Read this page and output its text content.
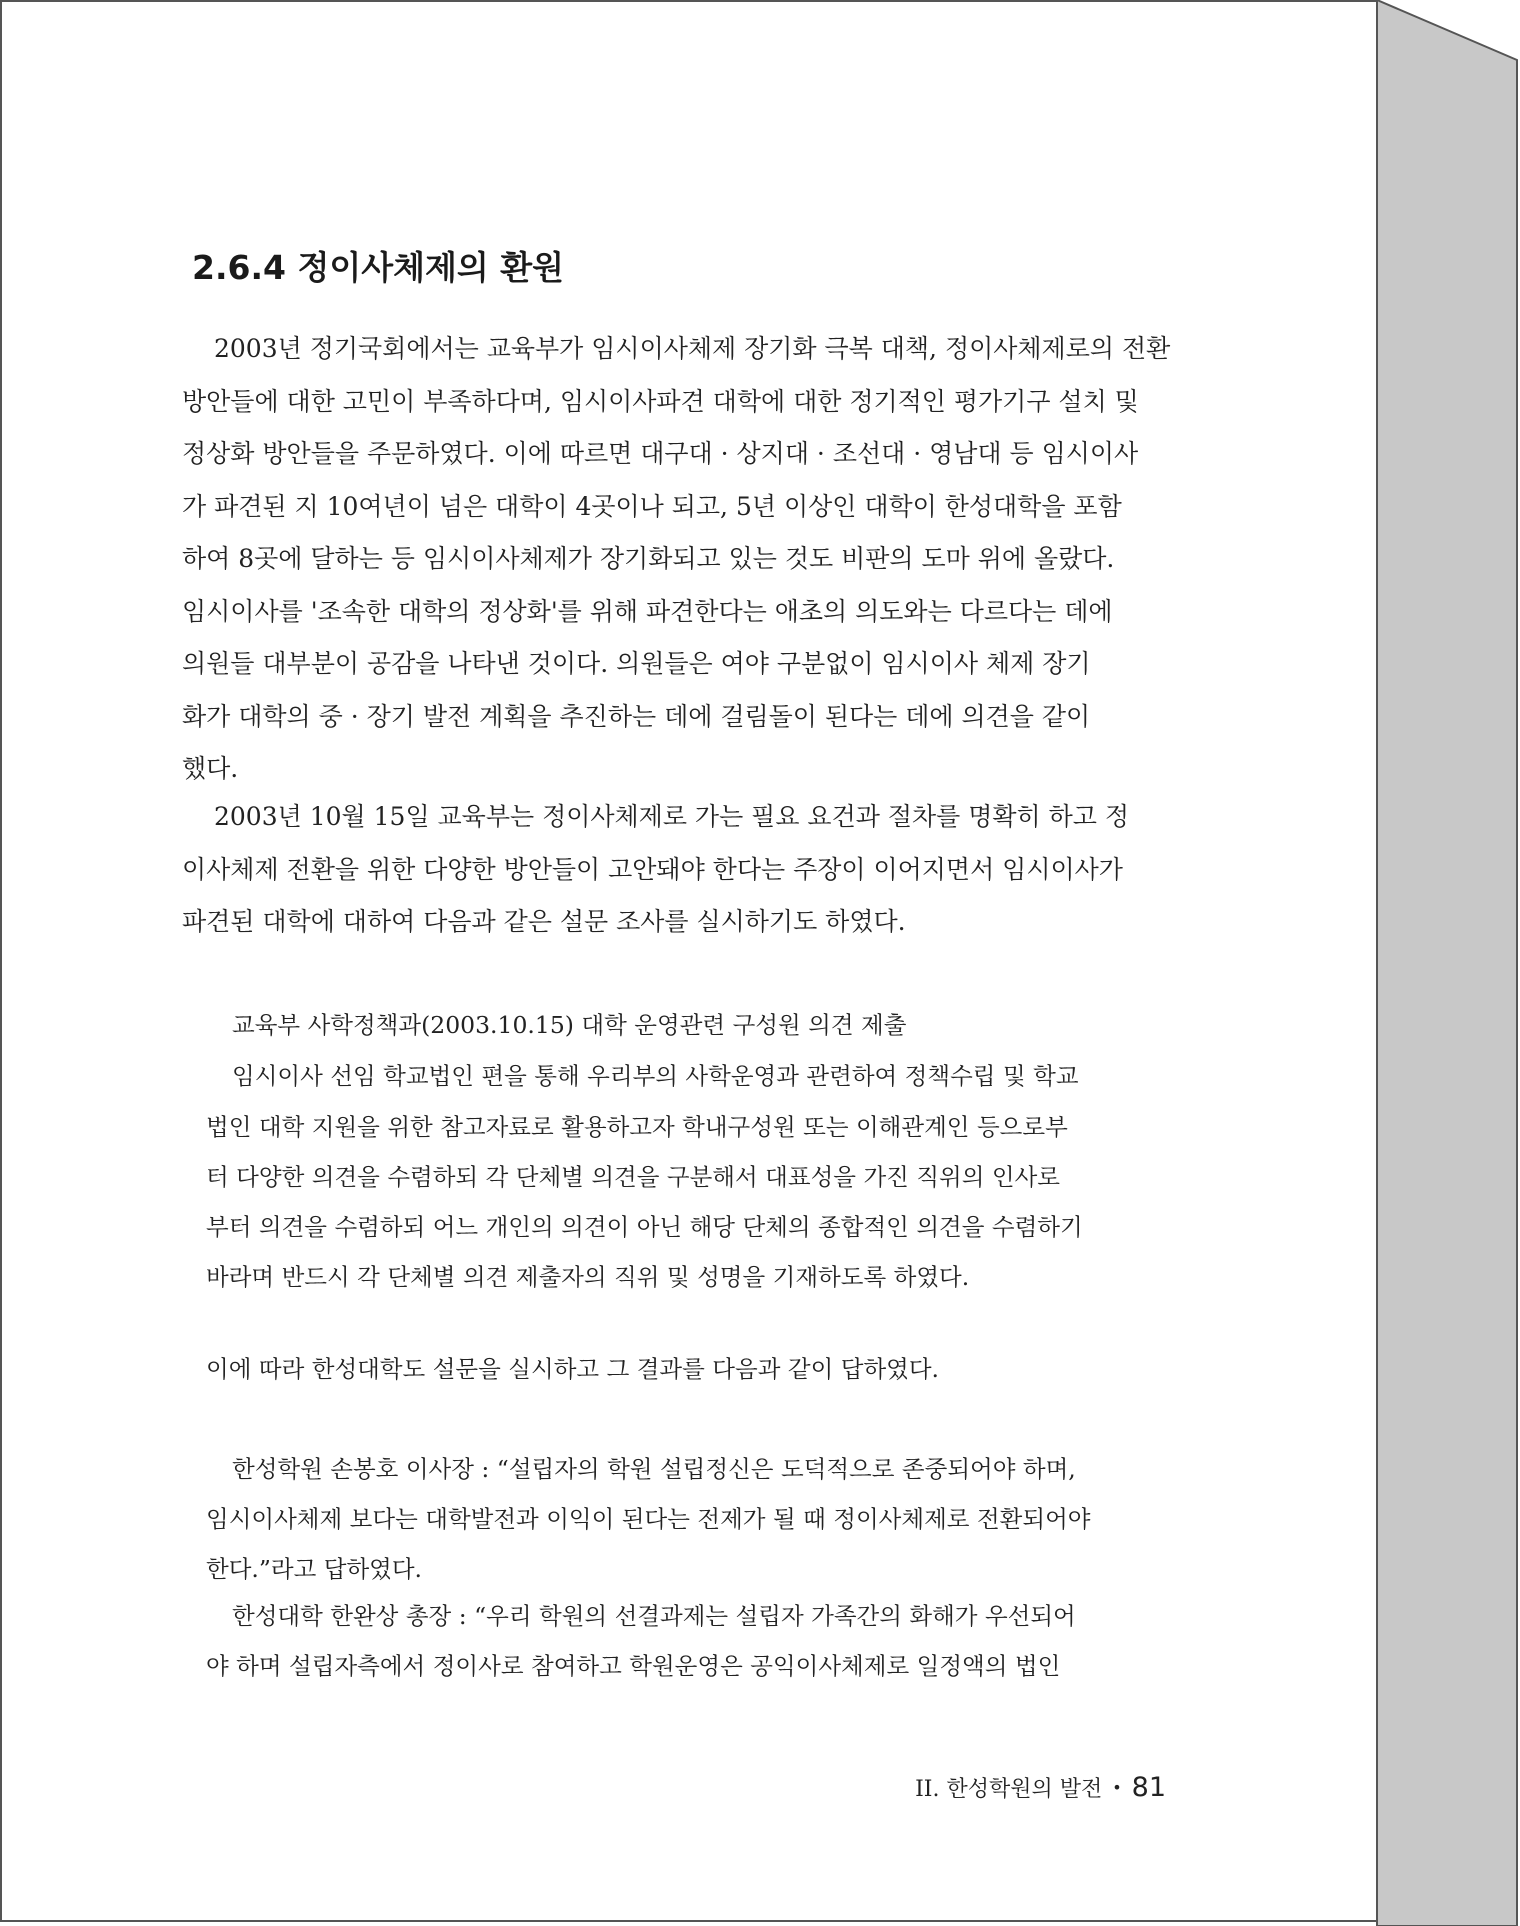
2.6.4 정이사체제의 환원
2003년 정기국회에서는 교육부가 임시이사체제 장기화 극복 대책, 정이사체제로의 전환
방안들에 대한 고민이 부족하다며, 임시이사파견 대학에 대한 정기적인 평가기구 설치 및
정상화 방안들을 주문하였다. 이에 따르면 대구대 · 상지대 · 조선대 · 영남대 등 임시이사
가 파견된 지 10여년이 넘은 대학이 4곳이나 되고, 5년 이상인 대학이 한성대학을 포함
하여 8곳에 달하는 등 임시이사체제가 장기화되고 있는 것도 비판의 도마 위에 올랐다.
임시이사를 '조속한 대학의 정상화'를 위해 파견한다는 애초의 의도와는 다르다는 데에
의원들 대부분이 공감을 나타낸 것이다. 의원들은 여야 구분없이 임시이사 체제 장기
화가 대학의 중 · 장기 발전 계획을 추진하는 데에 걸림돌이 된다는 데에 의견을 같이
했다.
2003년 10월 15일 교육부는 정이사체제로 가는 필요 요건과 절차를 명확히 하고 정
이사체제 전환을 위한 다양한 방안들이 고안돼야 한다는 주장이 이어지면서 임시이사가
파견된 대학에 대하여 다음과 같은 설문 조사를 실시하기도 하였다.
교육부 사학정책과(2003.10.15) 대학 운영관련 구성원 의견 제출
임시이사 선임 학교법인 편을 통해 우리부의 사학운영과 관련하여 정책수립 및 학교
법인 대학 지원을 위한 참고자료로 활용하고자 학내구성원 또는 이해관계인 등으로부
터 다양한 의견을 수렴하되 각 단체별 의견을 구분해서 대표성을 가진 직위의 인사로
부터 의견을 수렴하되 어느 개인의 의견이 아닌 해당 단체의 종합적인 의견을 수렴하기
바라며 반드시 각 단체별 의견 제출자의 직위 및 성명을 기재하도록 하였다.
이에 따라 한성대학도 설문을 실시하고 그 결과를 다음과 같이 답하였다.
한성학원 손봉호 이사장 : “설립자의 학원 설립정신은 도덕적으로 존중되어야 하며,
임시이사체제 보다는 대학발전과 이익이 된다는 전제가 될 때 정이사체제로 전환되어야
한다.”라고 답하였다.
한성대학 한완상 총장 : “우리 학원의 선결과제는 설립자 가족간의 화해가 우선되어
야 하며 설립자측에서 정이사로 참여하고 학원운영은 공익이사체제로 일정액의 법인
II. 한성학원의 발전 • 81
